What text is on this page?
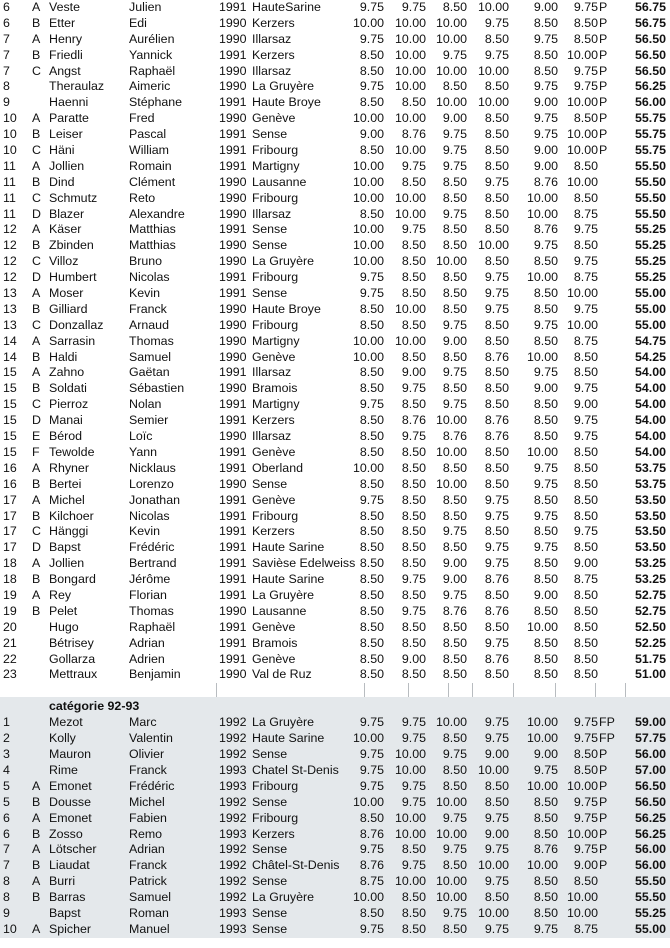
6	A Veste	Julien	1991 HauteSarine	9.75 9.75 8.50 10.00 9.00 9.75 P	56.75
6	B Etter	Edi	1990 Kerzers	10.00 10.00 10.00 9.75 8.50 8.50 P	56.75
7	A Henry	Aurélien	1990 Illarsaz	9.75 10.00 10.00 8.50 9.75 8.50 P	56.50
7	B Friedli	Yannick	1991 Kerzers	8.50 10.00 9.75 9.75 8.50 10.00 P	56.50
7	C Angst	Raphaël	1990 Illarsaz	8.50 10.00 10.00 10.00 8.50 9.75 P	56.50
8	Theraulaz	Aimeric	1990 La Gruyère	9.75 10.00 8.50 8.50 9.75 9.75 P	56.25
9	Haenni	Stéphane	1991 Haute Broye	8.50 8.50 10.00 10.00 9.00 10.00 P	56.00
10	A Paratte	Fred	1990 Genève	10.00 10.00 9.00 8.50 9.75 8.50 P	55.75
10	B Leiser	Pascal	1991 Sense	9.00 8.76 9.75 8.50 9.75 10.00 P	55.75
10	C Häni	William	1991 Fribourg	8.50 10.00 9.75 8.50 9.00 10.00 P	55.75
11	A Jollien	Romain	1991 Martigny	10.00 9.75 9.75 8.50 9.00 8.50	55.50
11	B Dind	Clément	1990 Lausanne	10.00 8.50 8.50 9.75 8.76 10.00	55.50
11	C Schmutz	Reto	1990 Fribourg	10.00 10.00 8.50 8.50 10.00 8.50	55.50
11	D Blazer	Alexandre	1990 Illarsaz	8.50 10.00 9.75 8.50 10.00 8.75	55.50
12	A Käser	Matthias	1991 Sense	10.00 9.75 8.50 8.50 8.76 9.75	55.25
12	B Zbinden	Matthias	1990 Sense	10.00 8.50 8.50 10.00 9.75 8.50	55.25
12	C Villoz	Bruno	1990 La Gruyère	10.00 8.50 10.00 8.50 8.50 9.75	55.25
12	D Humbert	Nicolas	1991 Fribourg	9.75 8.50 8.50 9.75 10.00 8.75	55.25
13	A Moser	Kevin	1991 Sense	9.75 8.50 8.50 9.75 8.50 10.00	55.00
13	B Gilliard	Franck	1990 Haute Broye	8.50 10.00 8.50 9.75 8.50 9.75	55.00
13	C Donzallaz	Arnaud	1990 Fribourg	8.50 8.50 9.75 8.50 9.75 10.00	55.00
14	A Sarrasin	Thomas	1990 Martigny	10.00 10.00 9.00 8.50 8.50 8.75	54.75
14	B Haldi	Samuel	1990 Genève	10.00 8.50 8.50 8.76 10.00 8.50	54.25
15	A Zahno	Gaëtan	1991 Illarsaz	8.50 9.00 9.75 8.50 9.75 8.50	54.00
15	B Soldati	Sébastien	1990 Bramois	8.50 9.75 8.50 8.50 9.00 9.75	54.00
15	C Pierroz	Nolan	1991 Martigny	9.75 8.50 9.75 8.50 8.50 9.00	54.00
15	D Manai	Semier	1991 Kerzers	8.50 8.76 10.00 8.76 8.50 9.75	54.00
15	E Bérod	Loïc	1990 Illarsaz	8.50 9.75 8.76 8.76 8.50 9.75	54.00
15	F Tewolde	Yann	1991 Genève	8.50 8.50 10.00 8.50 10.00 8.50	54.00
16	A Rhyner	Nicklaus	1991 Oberland	10.00 8.50 8.50 8.50 9.75 8.50	53.75
16	B Bertei	Lorenzo	1990 Sense	8.50 8.50 10.00 8.50 9.75 8.50	53.75
17	A Michel	Jonathan	1991 Genève	9.75 8.50 8.50 9.75 8.50 8.50	53.50
17	B Kilchoer	Nicolas	1991 Fribourg	8.50 8.50 8.50 9.75 9.75 8.50	53.50
17	C Hänggi	Kevin	1991 Kerzers	8.50 8.50 9.75 8.50 8.50 9.75	53.50
17	D Bapst	Frédéric	1991 Haute Sarine	8.50 8.50 8.50 9.75 9.75 8.50	53.50
18	A Jollien	Bertrand	1991 Savièse Edelweiss 8.50 8.50 9.00 9.75 8.50 9.00	53.25
18	B Bongard	Jérôme	1991 Haute Sarine	8.50 9.75 9.00 8.76 8.50 8.75	53.25
19	A Rey	Florian	1991 La Gruyère	8.50 8.50 9.75 8.50 9.00 8.50	52.75
19	B Pelet	Thomas	1990 Lausanne	8.50 9.75 8.76 8.76 8.50 8.50	52.75
20	Hugo	Raphaël	1991 Genève	8.50 8.50 8.50 8.50 10.00 8.50	52.50
21	Bétrisey	Adrian	1991 Bramois	8.50 8.50 8.50 9.75 8.50 8.50	52.25
22	Gollarza	Adrien	1991 Genève	8.50 9.00 8.50 8.76 8.50 8.50	51.75
23	Mettraux	Benjamin	1990 Val de Ruz	8.50 8.50 8.50 8.50 8.50 8.50	51.00
catégorie 92-93
1	Mezot	Marc	1992 La Gruyère	9.75 9.75 10.00 9.75 10.00 9.75 FP	59.00
2	Kolly	Valentin	1992 Haute Sarine	10.00 9.75 8.50 9.75 10.00 9.75 FP	57.75
3	Mauron	Olivier	1992 Sense	9.75 10.00 9.75 9.00 9.00 8.50 P	56.00
4	Rime	Franck	1993 Chatel St-Denis	9.75 10.00 8.50 10.00 9.75 8.50 P	57.00
5	A Emonet	Frédéric	1993 Fribourg	9.75 9.75 8.50 8.50 10.00 10.00 P	56.50
5	B Dousse	Michel	1992 Sense	10.00 9.75 10.00 8.50 8.50 9.75 P	56.50
6	A Emonet	Fabien	1992 Fribourg	8.50 10.00 9.75 9.75 8.50 9.75 P	56.25
6	B Zosso	Remo	1993 Kerzers	8.76 10.00 10.00 9.00 8.50 10.00 P	56.25
7	A Lötscher	Adrian	1992 Sense	9.75 8.50 9.75 9.75 8.76 9.75 P	56.00
7	B Liaudat	Franck	1992 Châtel-St-Denis	8.76 9.75 8.50 10.00 10.00 9.00 P	56.00
8	A Burri	Patrick	1992 Sense	8.75 10.00 10.00 9.75 8.50 8.50	55.50
8	B Barras	Samuel	1992 La Gruyère	10.00 8.50 10.00 8.50 8.50 10.00	55.50
9	Bapst	Roman	1993 Sense	8.50 8.50 9.75 10.00 8.50 10.00	55.25
10	A Spicher	Manuel	1993 Sense	9.75 8.50 8.50 9.75 9.75 8.75	55.00
